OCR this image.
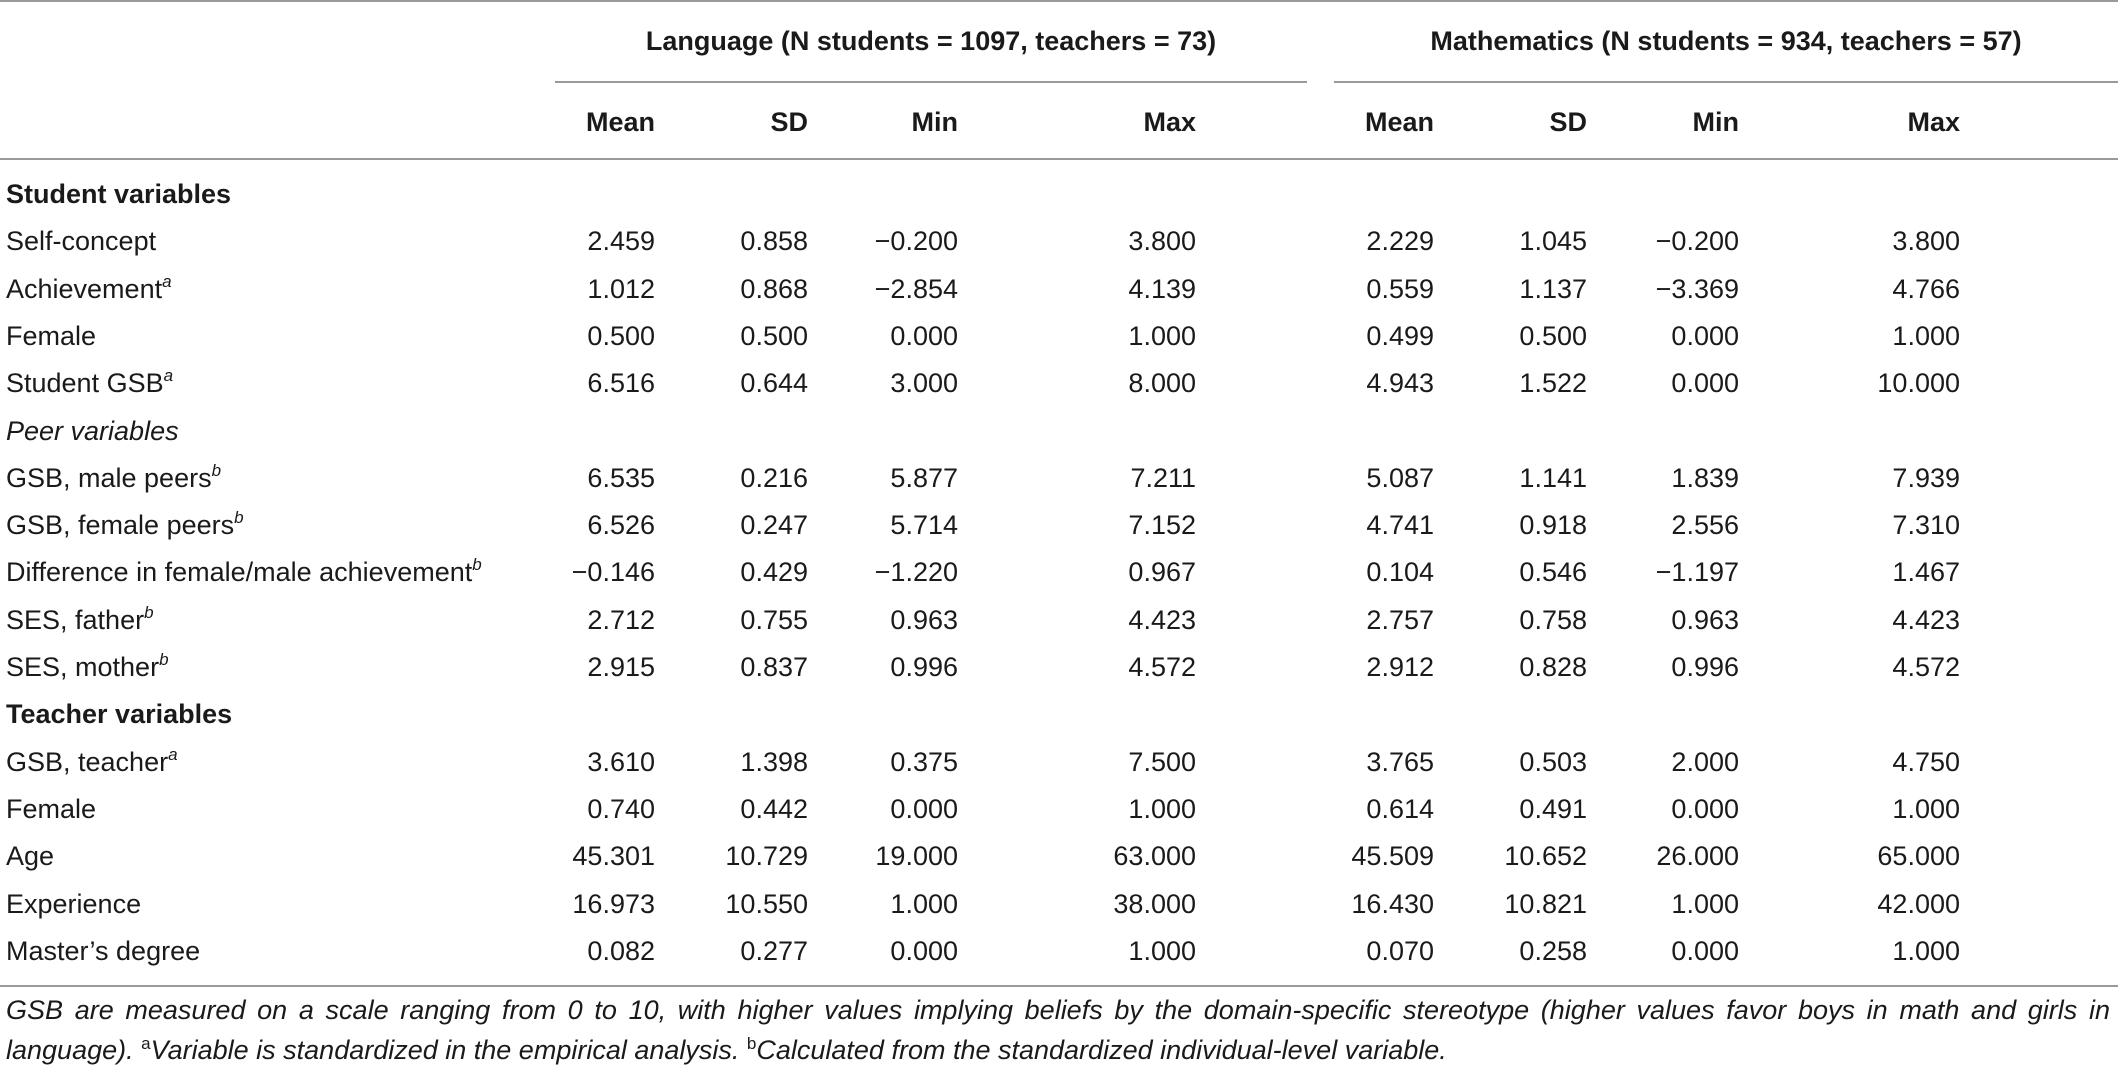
Language (N students = 1097, teachers = 73)	Mathematics (N students = 934, teachers = 57)
Mean	SD	Min	Max	Mean	SD	Min	Max
Student variables
Self-concept	2.459	0.858	−0.200	3.800	2.229	1.045	−0.200	3.800
Achievement$^a$	1.012	0.868	−2.854	4.139	0.559	1.137	−3.369	4.766
Female	0.500	0.500	0.000	1.000	0.499	0.500	0.000	1.000
Student GSB$^a$	6.516	0.644	3.000	8.000	4.943	1.522	0.000	10.000
Peer variables
GSB, male peers$^b$	6.535	0.216	5.877	7.211	5.087	1.141	1.839	7.939
GSB, female peers$^b$	6.526	0.247	5.714	7.152	4.741	0.918	2.556	7.310
Difference in female/male achievement$^b$	−0.146	0.429	−1.220	0.967	0.104	0.546	−1.197	1.467
SES, father$^b$	2.712	0.755	0.963	4.423	2.757	0.758	0.963	4.423
SES, mother$^b$	2.915	0.837	0.996	4.572	2.912	0.828	0.996	4.572
Teacher variables
GSB, teacher$^a$	3.610	1.398	0.375	7.500	3.765	0.503	2.000	4.750
Female	0.740	0.442	0.000	1.000	0.614	0.491	0.000	1.000
Age	45.301	10.729	19.000	63.000	45.509	10.652	26.000	65.000
Experience	16.973	10.550	1.000	38.000	16.430	10.821	1.000	42.000
Master’s degree	0.082	0.277	0.000	1.000	0.070	0.258	0.000	1.000
GSB are measured on a scale ranging from 0 to 10, with higher values implying beliefs by the domain-specific stereotype (higher values favor boys in math and girls in language). $^a$Variable is standardized in the empirical analysis. $^b$Calculated from the standardized individual-level variable.
